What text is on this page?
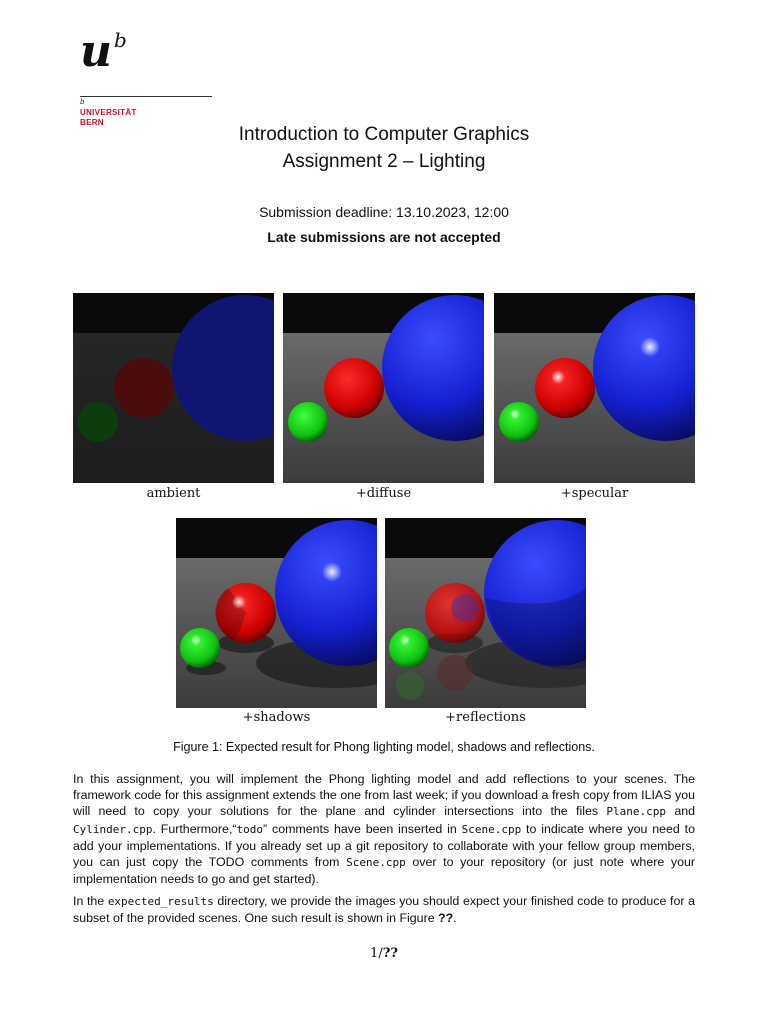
u b
b
UNIVERSITÄT
BERN
Introduction to Computer Graphics
Assignment 2 – Lighting
Submission deadline: 13.10.2023, 12:00
Late submissions are not accepted
ambient	+diffuse	+specular
+shadows	+reflections
Figure 1: Expected result for Phong lighting model, shadows and reflections.
In this assignment, you will implement the Phong lighting model and add reflections to your scenes. The framework code for this assignment extends the one from last week; if you download a fresh copy from ILIAS you will need to copy your solutions for the plane and cylinder intersections into the files Plane.cpp and Cylinder.cpp. Furthermore,“todo” comments have been inserted in Scene.cpp to indicate where you need to add your implementations. If you already set up a git repository to collaborate with your fellow group members, you can just copy the TODO comments from Scene.cpp over to your repository (or just note where your implementation needs to go and get started).
In the expected_results directory, we provide the images you should expect your finished code to produce for a subset of the provided scenes. One such result is shown in Figure ??.
1/??
